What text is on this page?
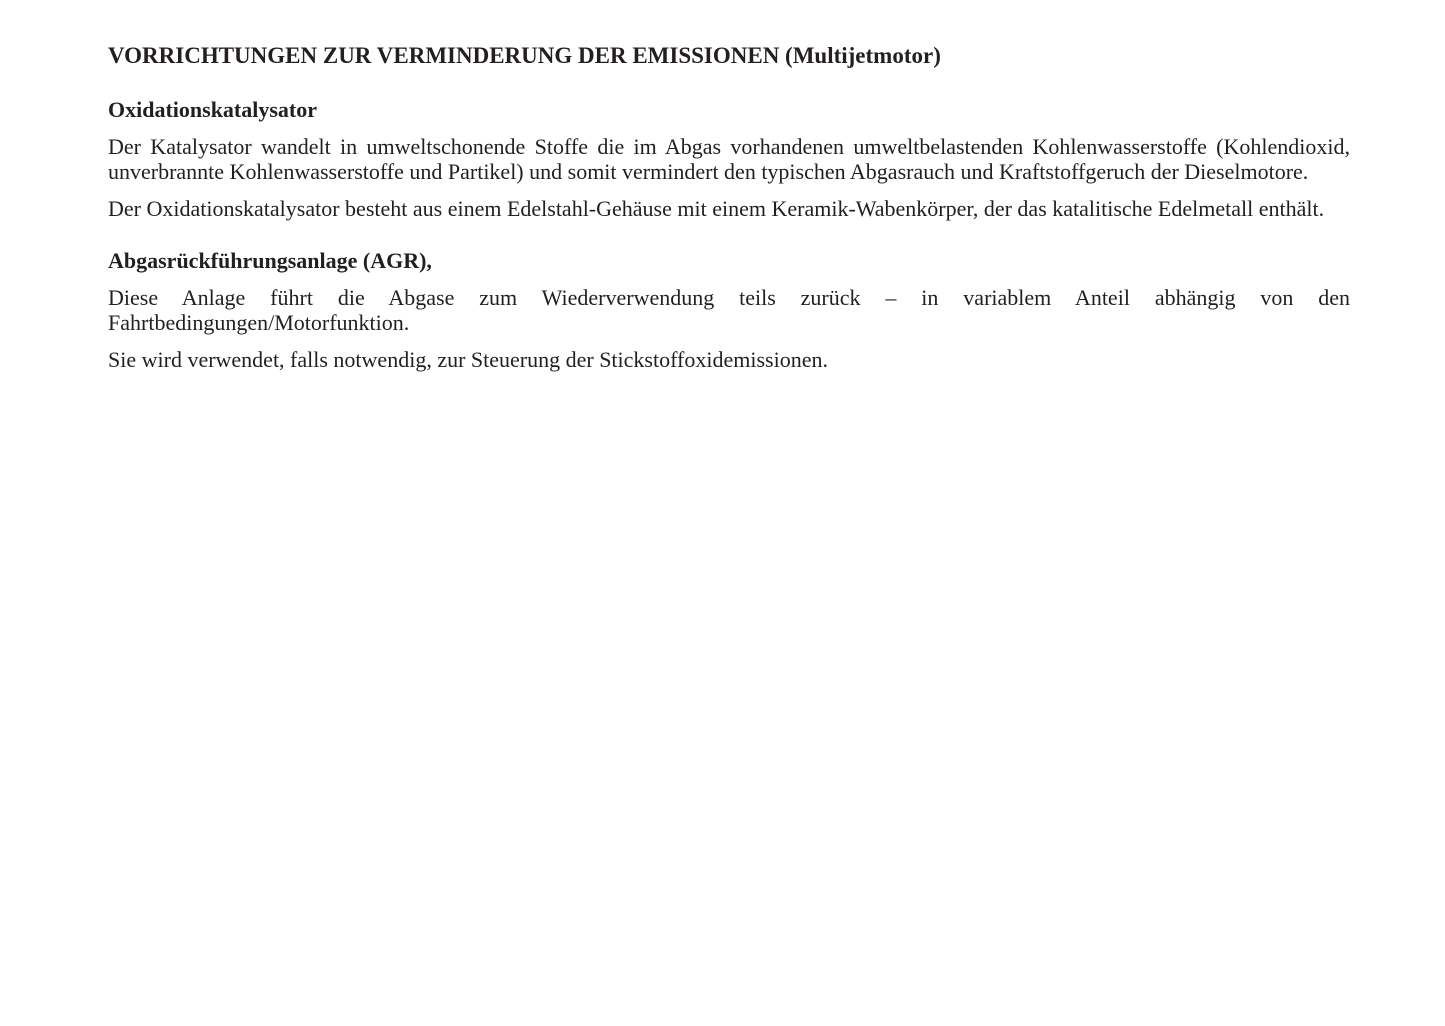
VORRICHTUNGEN ZUR VERMINDERUNG DER EMISSIONEN (Multijetmotor)
Oxidationskatalysator

Der Katalysator wandelt in umweltschonende Stoffe die im Abgas vorhandenen umweltbelastenden Kohlenwasserstoffe (Kohlendioxid, unverbrannte Kohlenwasserstoffe und Partikel) und somit vermindert den typischen Abgasrauch und Kraftstoffgeruch der Dieselmotore.

Der Oxidationskatalysator besteht aus einem Edelstahl-Gehäuse mit einem Keramik-Wabenkörper, der das katalitische Edelmetall enthält.

Abgasrückführungsanlage (AGR),

Diese Anlage führt die Abgase zum Wiederverwendung teils zurück – in variablem Anteil abhängig von den Fahrtbedingungen/Motorfunktion.

Sie wird verwendet, falls notwendig, zur Steuerung der Stickstoffoxidemissionen.
